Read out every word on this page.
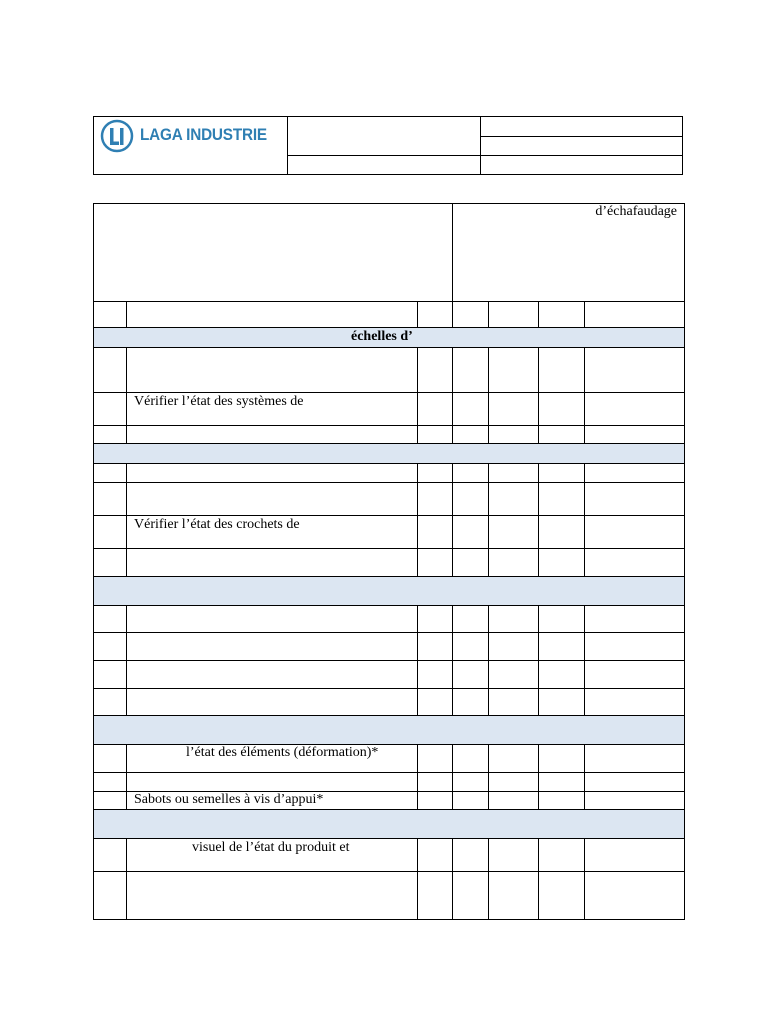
LAGA INDUSTRIE
d’échafaudage
échelles d’
Vérifier l’état des systèmes de
Vérifier l’état des crochets de
l’état des éléments (déformation)*
Sabots ou semelles à vis d’appui*
visuel de l’état du produit et
